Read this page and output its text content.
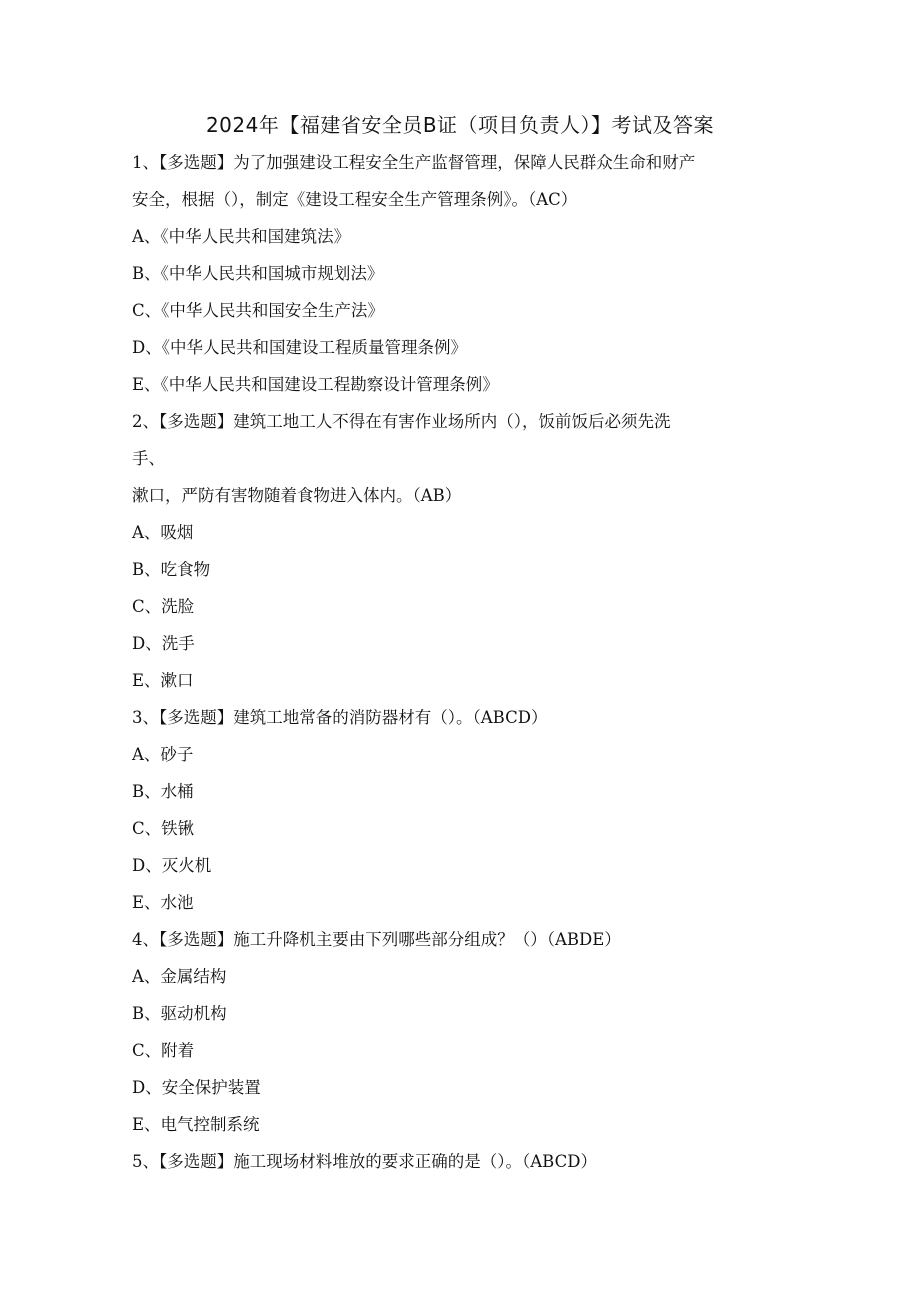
2024年【福建省安全员B证（项目负责人）】考试及答案
1、【多选题】为了加强建设工程安全生产监督管理，保障人民群众生命和财产
安全，根据（），制定《建设工程安全生产管理条例》。（AC）
A、《中华人民共和国建筑法》
B、《中华人民共和国城市规划法》
C、《中华人民共和国安全生产法》
D、《中华人民共和国建设工程质量管理条例》
E、《中华人民共和国建设工程勘察设计管理条例》
2、【多选题】建筑工地工人不得在有害作业场所内（），饭前饭后必须先洗
手、
漱口，严防有害物随着食物进入体内。（AB）
A、吸烟
B、吃食物
C、洗脸
D、洗手
E、漱口
3、【多选题】建筑工地常备的消防器材有（）。（ABCD）
A、砂子
B、水桶
C、铁锹
D、灭火机
E、水池
4、【多选题】施工升降机主要由下列哪些部分组成？（）（ABDE）
A、金属结构
B、驱动机构
C、附着
D、安全保护装置
E、电气控制系统
5、【多选题】施工现场材料堆放的要求正确的是（）。（ABCD）
